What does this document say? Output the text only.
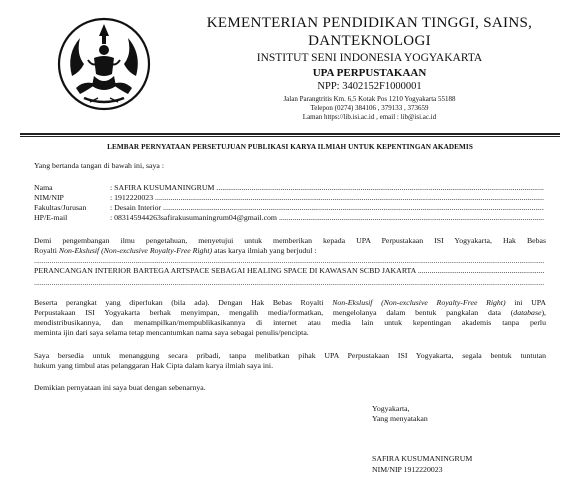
KEMENTERIAN PENDIDIKAN TINGGI, SAINS,
DANTEKNOLOGI
INSTITUT SENI INDONESIA YOGYAKARTA
UPA PERPUSTAKAAN
NPP: 3402152F1000001
Jalan Parangtritis Km. 6,5 Kotak Pos 1210 Yogyakarta 55188
Telepon (0274) 384106 , 379133 , 373659
Laman https://lib.isi.ac.id , email : lib@isi.ac.id
LEMBAR PERNYATAAN PERSETUJUAN PUBLIKASI KARYA ILMIAH UNTUK KEPENTINGAN AKADEMIS
Yang bertanda tangan di bawah ini, saya :
Nama	: SAFIRA KUSUMANINGRUM .....
NIM/NIP	: 1912220023 .....
Fakultas/Jurusan	: Desain Interior .....
HP/E-mail	: 083145944263safirakusumaningrum04@gmail.com .....
Demi pengembangan ilmu pengetahuan, menyetujui untuk memberikan kepada UPA Perpustakaan ISI Yogyakarta, Hak Bebas
Royalti Non-Ekslusif (Non-exclusive Royalty-Free Right) atas karya ilmiah yang berjudul :
.....
PERANCANGAN INTERIOR BARTEGA ARTSPACE SEBAGAI HEALING SPACE DI KAWASAN SCBD JAKARTA .....
.....
Beserta perangkat yang diperlukan (bila ada). Dengan Hak Bebas Royalti Non-Ekslusif (Non-exclusive Royalty-Free Right) ini UPA
Perpustakaan ISI Yogyakarta berhak menyimpan, mengalih media/formatkan, mengelolanya dalam bentuk pangkalan data (database),
mendistribusikannya, dan menampilkan/mempublikasikannya di internet atau media lain untuk kepentingan akademis tanpa perlu
meminta ijin dari saya selama tetap mencantumkan nama saya sebagai penulis/pencipta.
Saya bersedia untuk menanggung secara pribadi, tanpa melibatkan pihak UPA Perpustakaan ISI Yogyakarta, segala bentuk tuntutan
hukum yang timbul atas pelanggaran Hak Cipta dalam karya ilmiah saya ini.
Demikian pernyataan ini saya buat dengan sebenarnya.
Yogyakarta,
Yang menyatakan
SAFIRA KUSUMANINGRUM
NIM/NIP 1912220023
